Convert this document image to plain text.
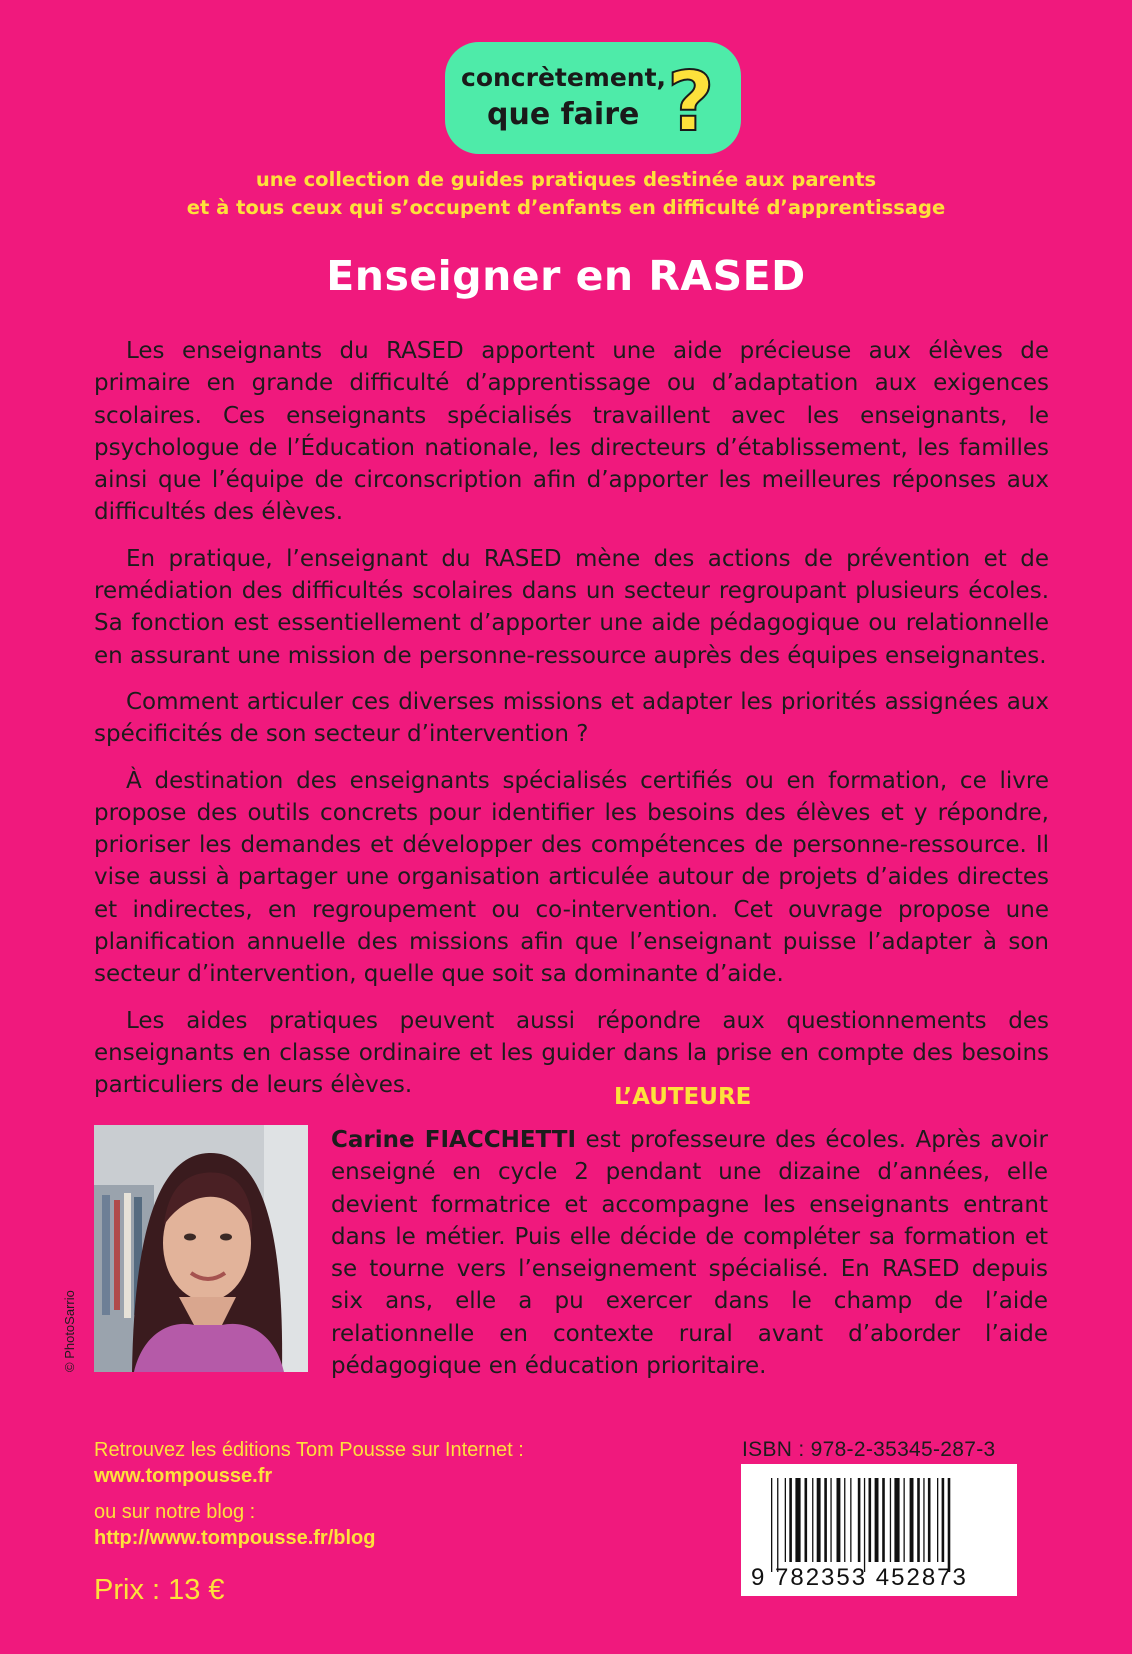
concrètement,
que faire ?
une collection de guides pratiques destinée aux parents
et à tous ceux qui s’occupent d’enfants en difficulté d’apprentissage
Enseigner en RASED

Les enseignants du RASED apportent une aide précieuse aux élèves de primaire en grande difficulté d’apprentissage ou d’adaptation aux exigences scolaires. Ces enseignants spécialisés travaillent avec les enseignants, le psychologue de l’Éducation nationale, les directeurs d’établissement, les familles ainsi que l’équipe de circonscription afin d’apporter les meilleures réponses aux difficultés des élèves.

En pratique, l’enseignant du RASED mène des actions de prévention et de remédiation des difficultés scolaires dans un secteur regroupant plusieurs écoles. Sa fonction est essentiellement d’apporter une aide pédagogique ou relationnelle en assurant une mission de personne-ressource auprès des équipes enseignantes.

Comment articuler ces diverses missions et adapter les priorités assignées aux spécificités de son secteur d’intervention ?

À destination des enseignants spécialisés certifiés ou en formation, ce livre propose des outils concrets pour identifier les besoins des élèves et y répondre, prioriser les demandes et développer des compétences de personne-ressource. Il vise aussi à partager une organisation articulée autour de projets d’aides directes et indirectes, en regroupement ou co-intervention. Cet ouvrage propose une planification annuelle des missions afin que l’enseignant puisse l’adapter à son secteur d’intervention, quelle que soit sa dominante d’aide.

Les aides pratiques peuvent aussi répondre aux questionnements des enseignants en classe ordinaire et les guider dans la prise en compte des besoins particuliers de leurs élèves.	L’AUTEURE
© PhotoSarrio

Carine FIACCHETTI est professeure des écoles. Après avoir enseigné en cycle 2 pendant une dizaine d’années, elle devient formatrice et accompagne les enseignants entrant dans le métier. Puis elle décide de compléter sa formation et se tourne vers l’enseignement spécialisé. En RASED depuis six ans, elle a pu exercer dans le champ de l’aide relationnelle en contexte rural avant d’aborder l’aide pédagogique en éducation prioritaire.

Retrouvez les éditions Tom Pousse sur Internet :
www.tompousse.fr
ou sur notre blog :
http://www.tompousse.fr/blog
Prix : 13 €
ISBN : 978-2-35345-287-3
9 782353 452873
